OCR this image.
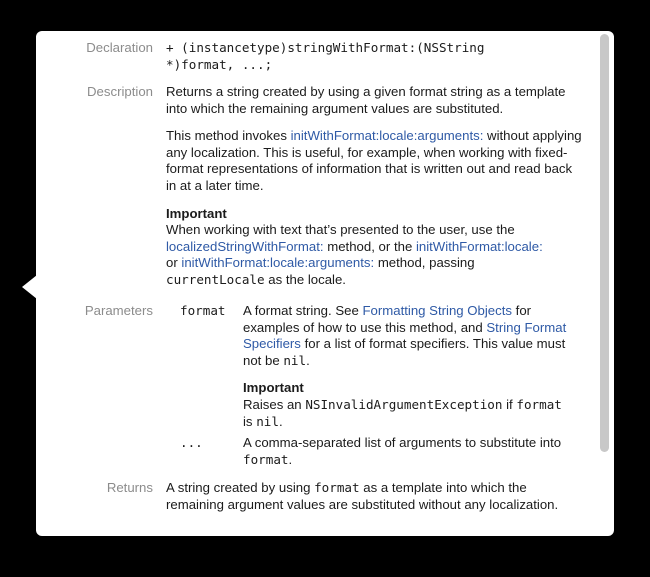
Declaration + (instancetype)stringWithFormat:(NSString
*)format, ...;
Description Returns a string created by using a given format string as a template into which the remaining argument values are substituted.

This method invokes initWithFormat:locale:arguments: without applying any localization. This is useful, for example, when working with fixed-format representations of information that is written out and read back in at a later time.

Important

When working with text that’s presented to the user, use the localizedStringWithFormat: method, or the initWithFormat:locale:
or initWithFormat:locale:arguments: method, passing
currentLocale as the locale.

Parameters format A format string. See Formatting String Objects for examples of how to use this method, and String Format Specifiers for a list of format specifiers. This value must not be nil.

Important

Raises an NSInvalidArgumentException if format
is nil.

...	A comma-separated list of arguments to substitute into format.

Returns A string created by using format as a template into which the remaining argument values are substituted without any localization.
